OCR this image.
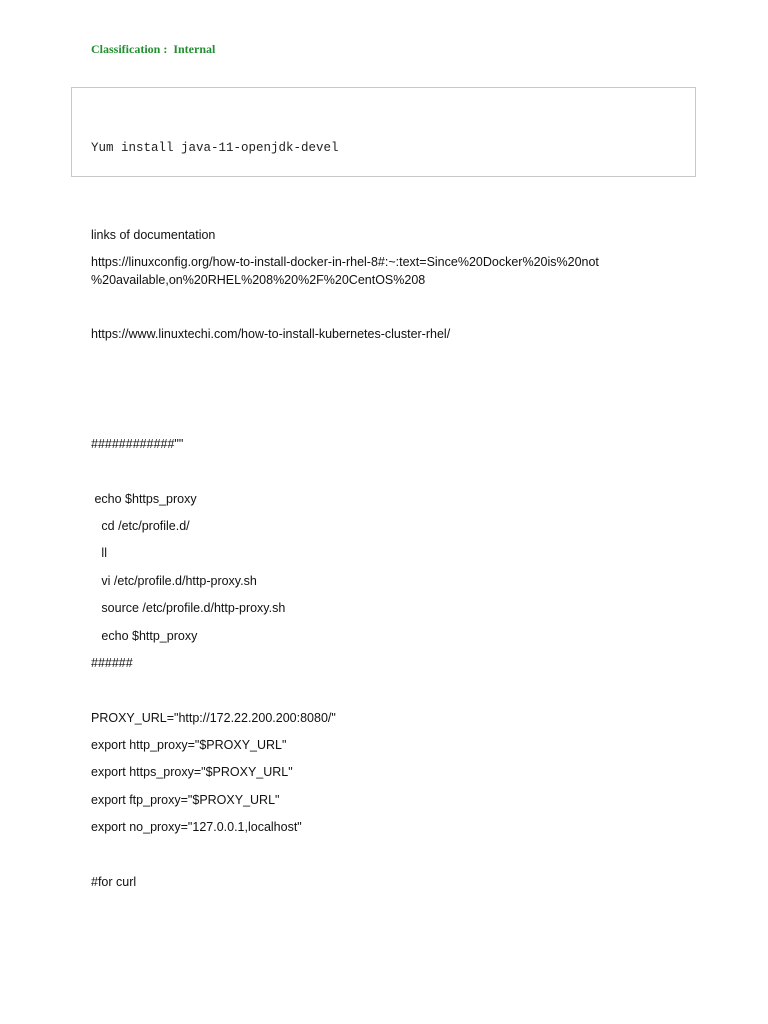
Classification :  Internal
Yum install java-11-openjdk-devel
links of documentation
https://linuxconfig.org/how-to-install-docker-in-rhel-8#:~:text=Since%20Docker%20is%20not
%20available,on%20RHEL%208%20%2F%20CentOS%208
https://www.linuxtechi.com/how-to-install-kubernetes-cluster-rhel/
############""
echo $https_proxy
cd /etc/profile.d/
ll
vi /etc/profile.d/http-proxy.sh
source /etc/profile.d/http-proxy.sh
echo $http_proxy
######
PROXY_URL="http://172.22.200.200:8080/"
export http_proxy="$PROXY_URL"
export https_proxy="$PROXY_URL"
export ftp_proxy="$PROXY_URL"
export no_proxy="127.0.0.1,localhost"
#for curl
